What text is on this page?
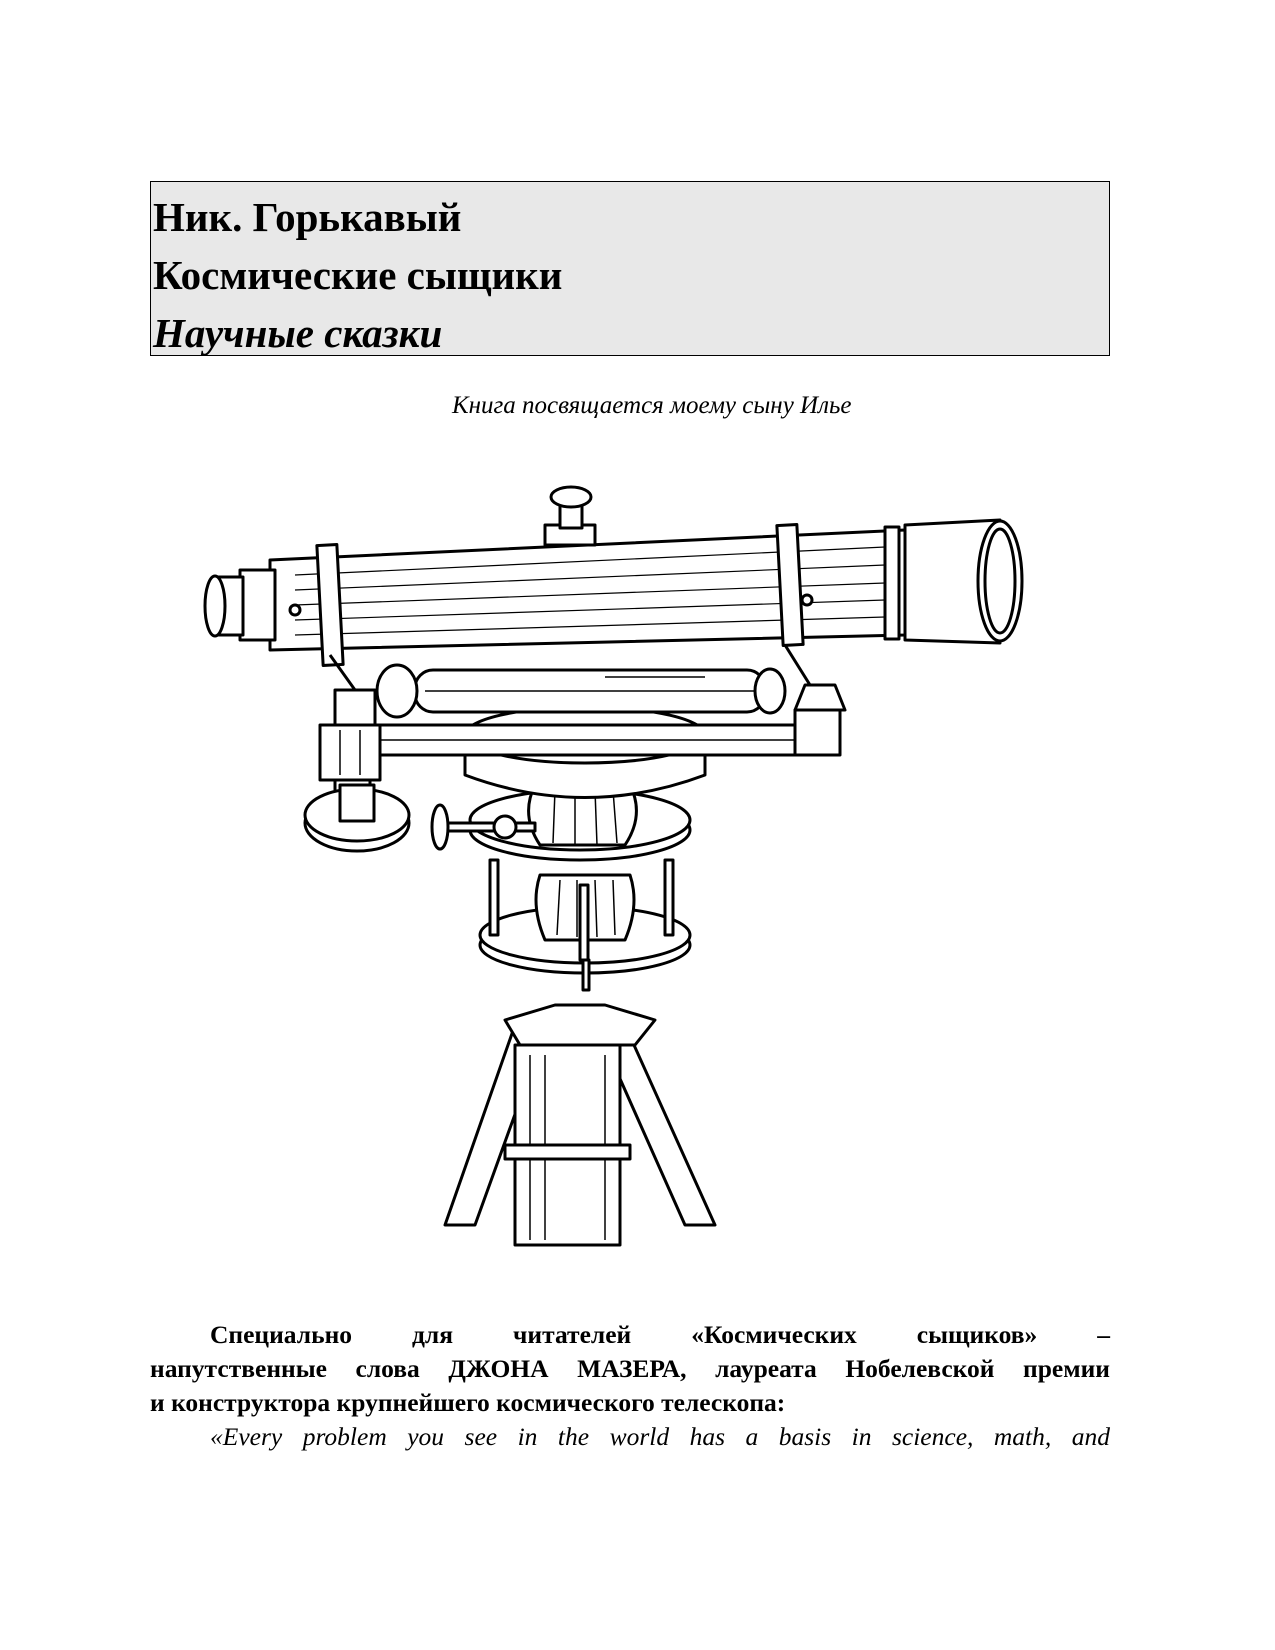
Ник. Горькавый
Космические сыщики
Научные сказки
Книга посвящается моему сыну Илье
Специально для читателей «Космических сыщиков» –
напутственные слова ДЖОНА МАЗЕРА, лауреата Нобелевской премии
и конструктора крупнейшего космического телескопа:
«Every problem you see in the world has a basis in science, math, and
